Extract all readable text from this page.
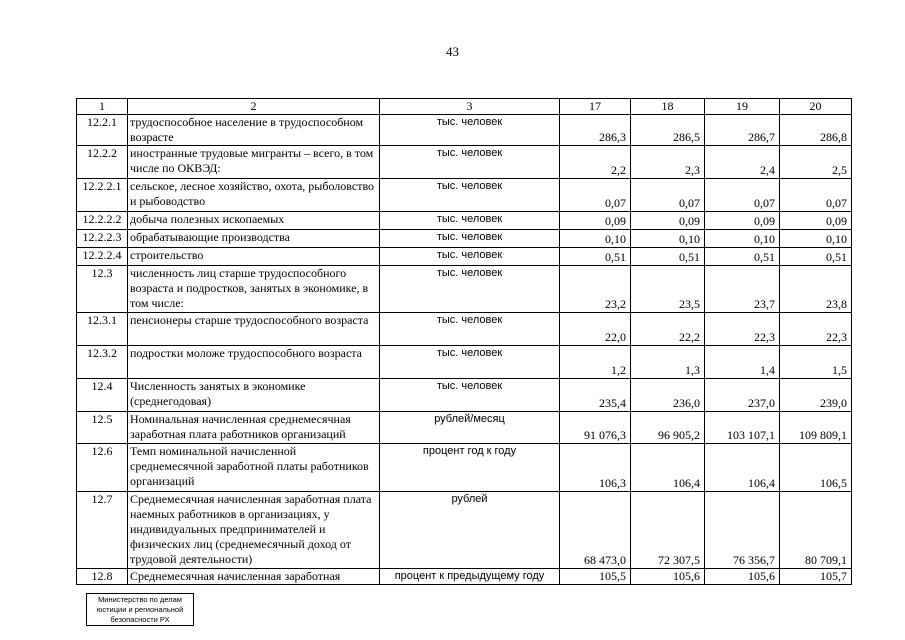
43
1	2	3	17	18	19	20
12.2.1	трудоспособное население в трудоспособном возрасте	тыс. человек	286,3	286,5	286,7	286,8
12.2.2	иностранные трудовые мигранты – всего, в том числе по ОКВЭД:	тыс. человек	2,2	2,3	2,4	2,5
12.2.2.1	сельское, лесное хозяйство, охота, рыболовство и рыбоводство	тыс. человек	0,07	0,07	0,07	0,07
12.2.2.2	добыча полезных ископаемых	тыс. человек	0,09	0,09	0,09	0,09
12.2.2.3	обрабатывающие производства	тыс. человек	0,10	0,10	0,10	0,10
12.2.2.4	строительство	тыс. человек	0,51	0,51	0,51	0,51
12.3	численность лиц старше трудоспособного возраста и подростков, занятых в экономике, в том числе:	тыс. человек	23,2	23,5	23,7	23,8
12.3.1	пенсионеры старше трудоспособного возраста	тыс. человек	22,0	22,2	22,3	22,3
12.3.2	подростки моложе трудоспособного возраста	тыс. человек	1,2	1,3	1,4	1,5
12.4	Численность занятых в экономике (среднегодовая)	тыс. человек	235,4	236,0	237,0	239,0
12.5	Номинальная начисленная среднемесячная заработная плата работников организаций	рублей/месяц	91 076,3	96 905,2	103 107,1	109 809,1
12.6	Темп номинальной начисленной среднемесячной заработной платы работников организаций	процент год к году	106,3	106,4	106,4	106,5
12.7	Среднемесячная начисленная заработная плата наемных работников в организациях, у индивидуальных предпринимателей и физических лиц (среднемесячный доход от трудовой деятельности)	рублей	68 473,0	72 307,5	76 356,7	80 709,1
12.8	Среднемесячная начисленная заработная	процент к предыдущему году	105,5	105,6	105,6	105,7
Министерство по делам
юстиции и региональной
безопасности РХ
